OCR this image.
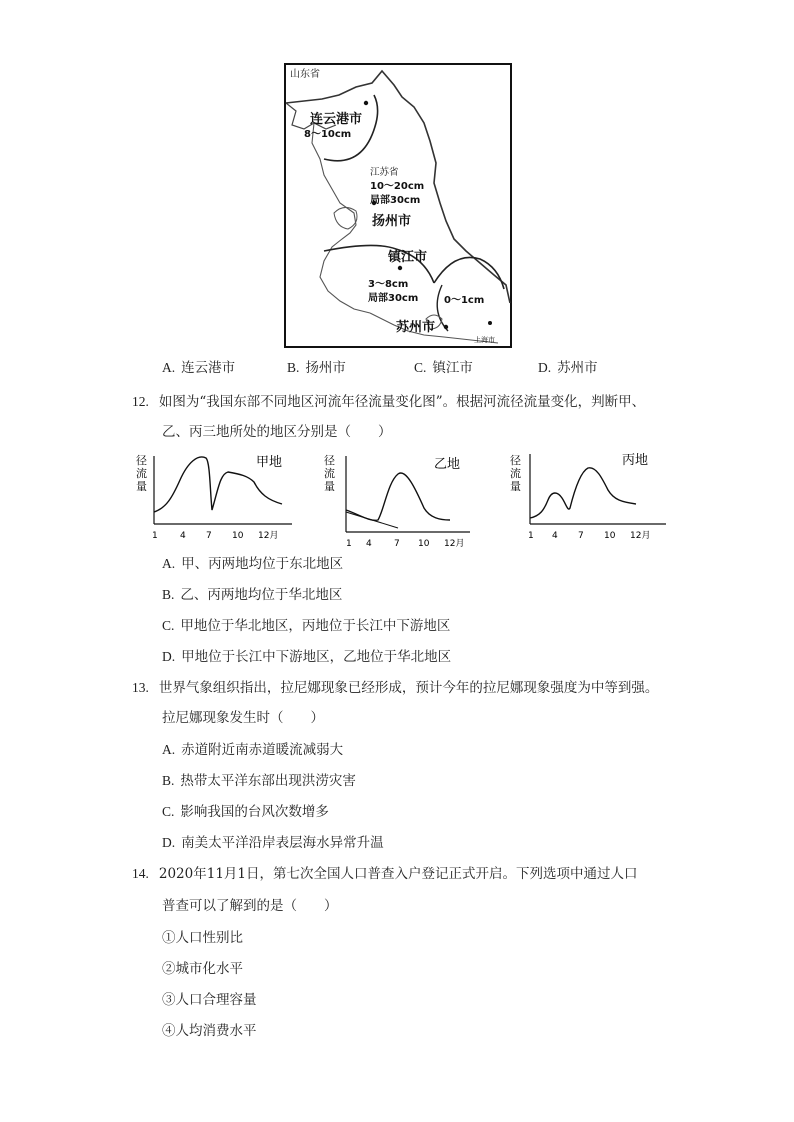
山东省
连云港市
8～10cm
江苏省
10～20cm
局部30cm
扬州市
镇江市
3～8cm
局部30cm	0～1cm
苏州市
上海市
A. 连云港市	B. 扬州市	C. 镇江市	D. 苏州市
12. 如图为“我国东部不同地区河流年径流量变化图”。根据河流径流量变化，判断甲、
乙、丙三地所处的地区分别是（　　）
径
流
量
甲地
1 4 7 10 12月
径
流
量
乙地
1 4 7 10 12月
径
流
量
丙地
1 4 7 10 12月
A. 甲、丙两地均位于东北地区
B. 乙、丙两地均位于华北地区
C. 甲地位于华北地区，丙地位于长江中下游地区
D. 甲地位于长江中下游地区，乙地位于华北地区
13. 世界气象组织指出，拉尼娜现象已经形成，预计今年的拉尼娜现象强度为中等到强。
拉尼娜现象发生时（　　）
A. 赤道附近南赤道暖流减弱大
B. 热带太平洋东部出现洪涝灾害
C. 影响我国的台风次数增多
D. 南美太平洋沿岸表层海水异常升温
14. 2020年11月1日，第七次全国人口普查入户登记正式开启。下列选项中通过人口
普查可以了解到的是（　　）
①人口性别比
②城市化水平
③人口合理容量
④人均消费水平
